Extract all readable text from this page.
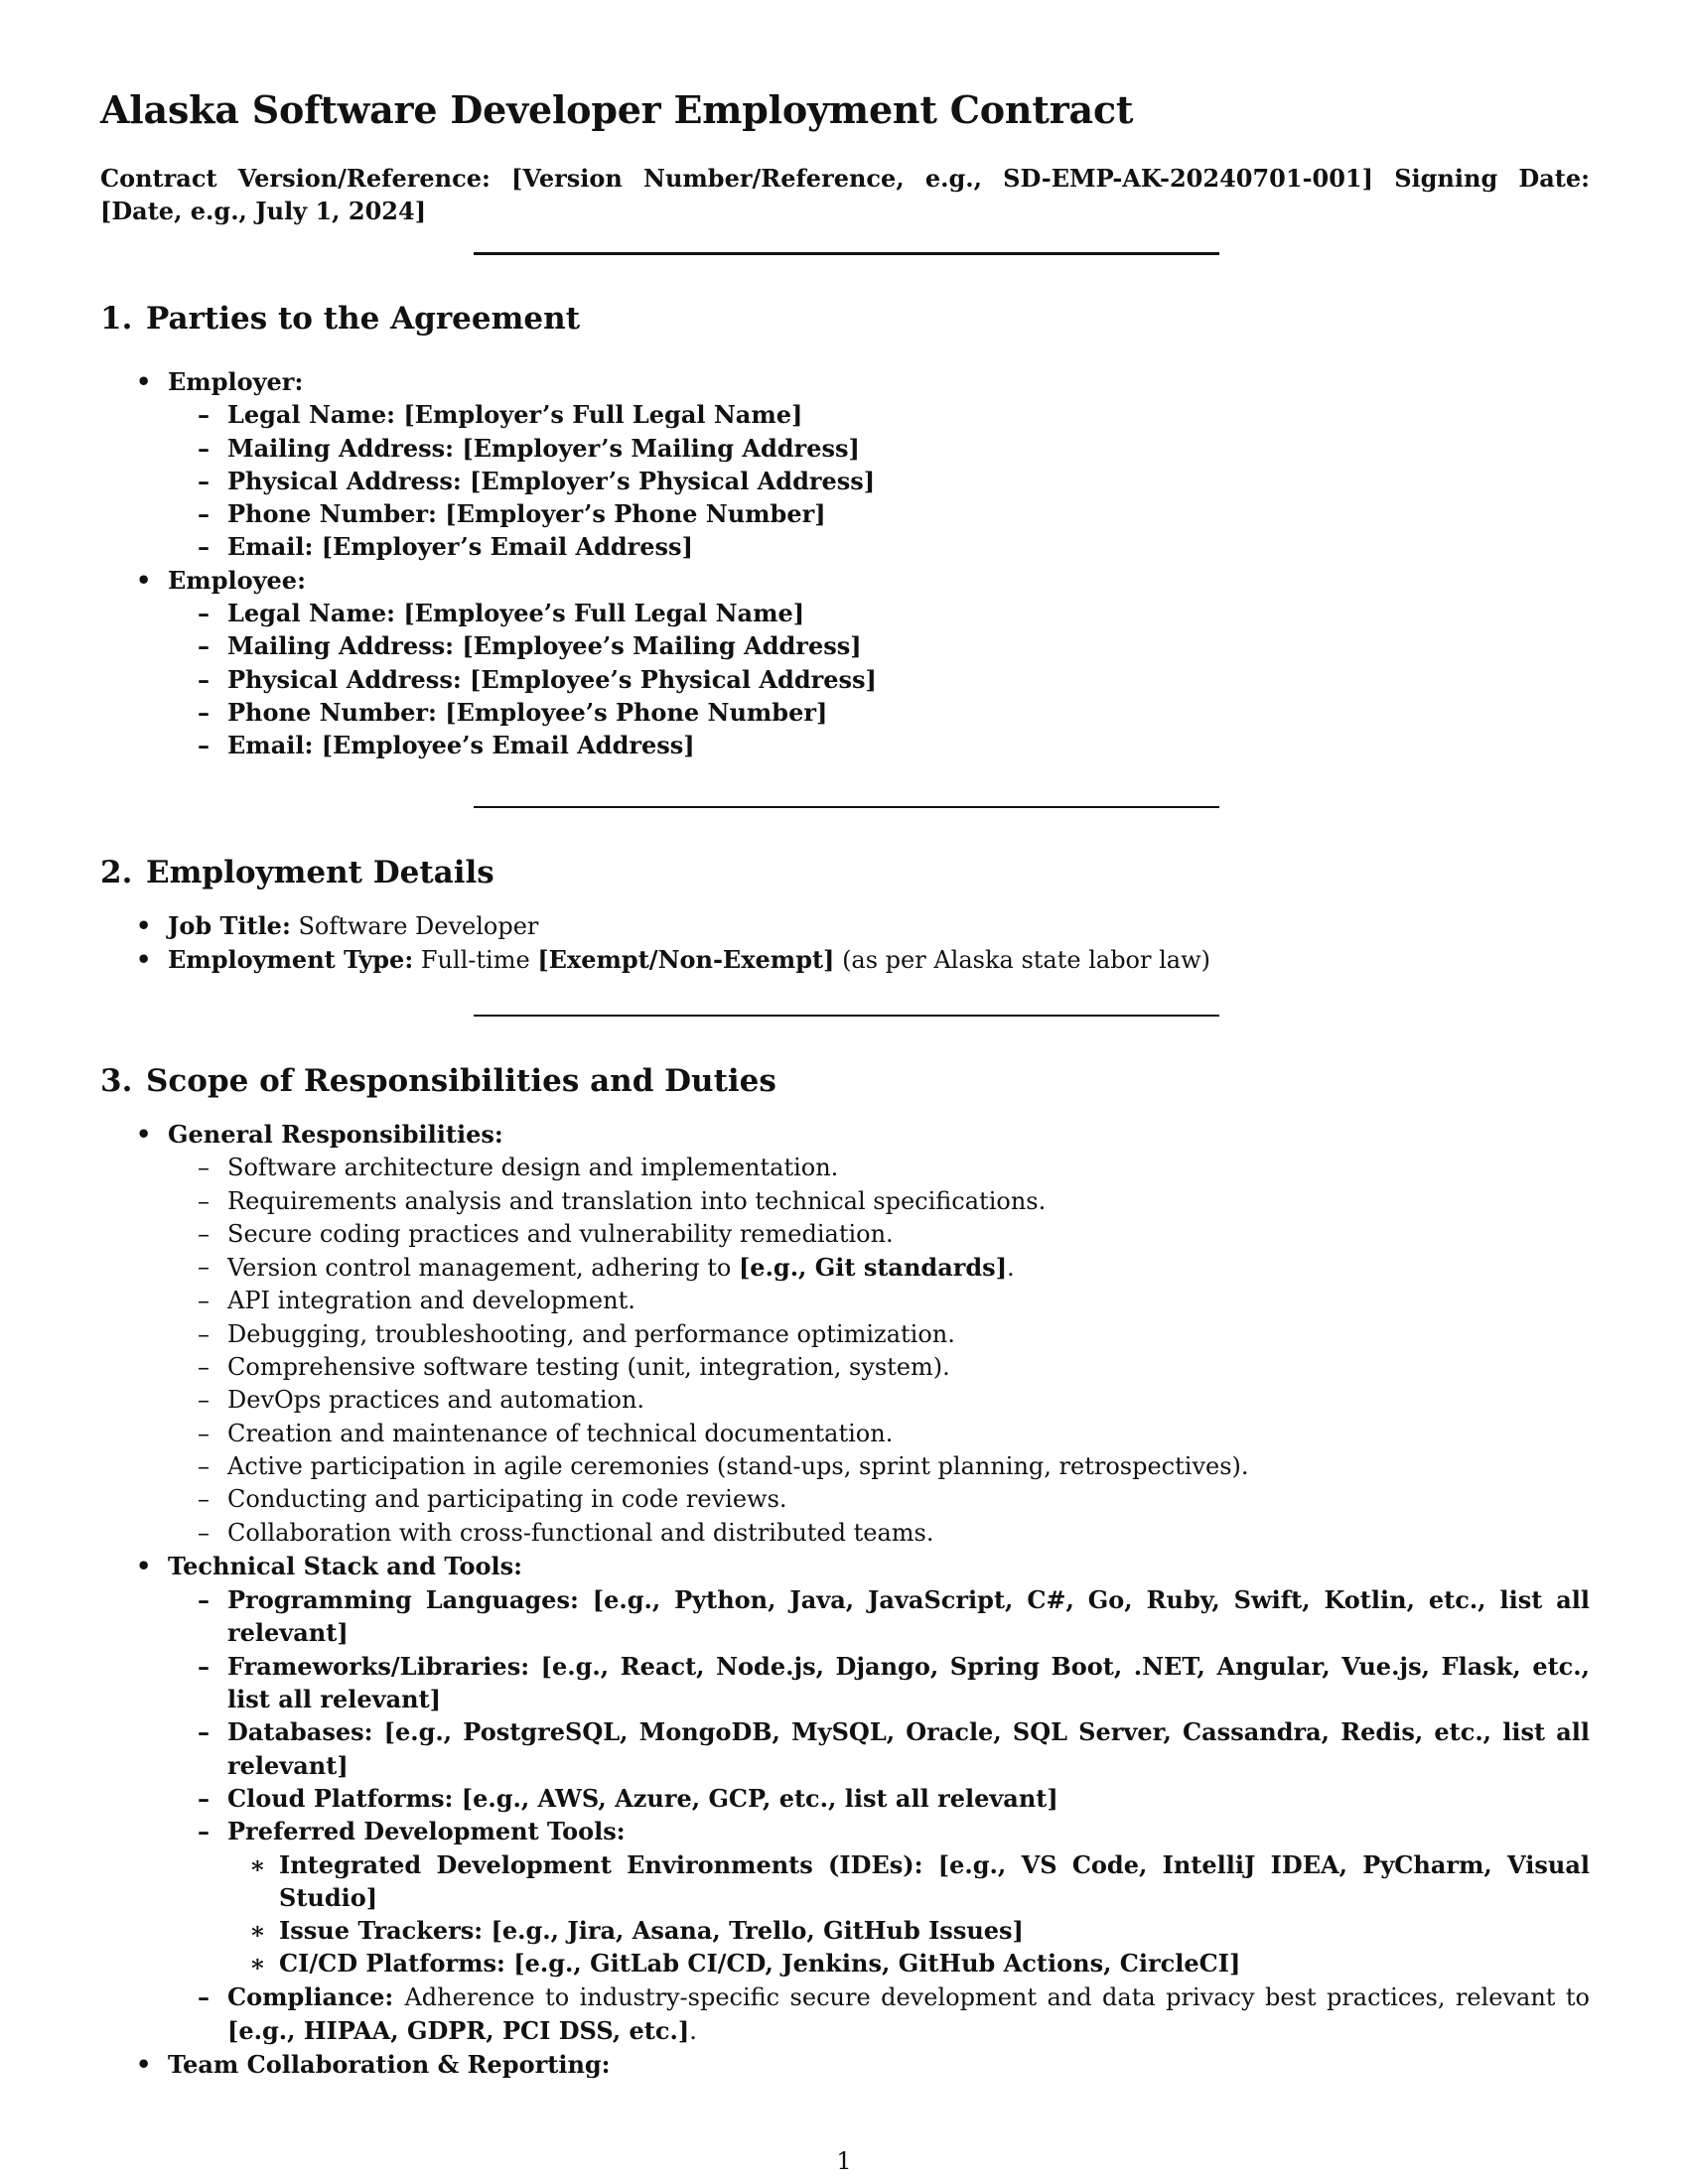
Alaska Software Developer Employment Contract

Contract Version/Reference: [Version Number/Reference, e.g., SD-EMP-AK-20240701-001] Signing Date: [Date, e.g., July 1, 2024]

1. Parties to the Agreement
• Employer:
– Legal Name: [Employer’s Full Legal Name]
– Mailing Address: [Employer’s Mailing Address]
– Physical Address: [Employer’s Physical Address]
– Phone Number: [Employer’s Phone Number]
– Email: [Employer’s Email Address]
• Employee:
– Legal Name: [Employee’s Full Legal Name]
– Mailing Address: [Employee’s Mailing Address]
– Physical Address: [Employee’s Physical Address]
– Phone Number: [Employee’s Phone Number]
– Email: [Employee’s Email Address]
2. Employment Details
• Job Title: Software Developer
• Employment Type: Full-time [Exempt/Non-Exempt] (as per Alaska state labor law)
3. Scope of Responsibilities and Duties
• General Responsibilities:
– Software architecture design and implementation.
– Requirements analysis and translation into technical specifications.
– Secure coding practices and vulnerability remediation.
– Version control management, adhering to [e.g., Git standards].
– API integration and development.
– Debugging, troubleshooting, and performance optimization.
– Comprehensive software testing (unit, integration, system).
– DevOps practices and automation.
– Creation and maintenance of technical documentation.
– Active participation in agile ceremonies (stand-ups, sprint planning, retrospectives).
– Conducting and participating in code reviews.
– Collaboration with cross-functional and distributed teams.
• Technical Stack and Tools:
– Programming Languages: [e.g., Python, Java, JavaScript, C#, Go, Ruby, Swift, Kotlin, etc., list all relevant]
– Frameworks/Libraries: [e.g., React, Node.js, Django, Spring Boot, .NET, Angular, Vue.js, Flask, etc., list all relevant]
– Databases: [e.g., PostgreSQL, MongoDB, MySQL, Oracle, SQL Server, Cassandra, Redis, etc., list all relevant]
– Cloud Platforms: [e.g., AWS, Azure, GCP, etc., list all relevant]
– Preferred Development Tools:
∗ Integrated Development Environments (IDEs): [e.g., VS Code, IntelliJ IDEA, PyCharm, Visual Studio]
∗ Issue Trackers: [e.g., Jira, Asana, Trello, GitHub Issues]
∗ CI/CD Platforms: [e.g., GitLab CI/CD, Jenkins, GitHub Actions, CircleCI]
– Compliance: Adherence to industry-specific secure development and data privacy best practices, relevant to [e.g., HIPAA, GDPR, PCI DSS, etc.].
• Team Collaboration & Reporting:
1
